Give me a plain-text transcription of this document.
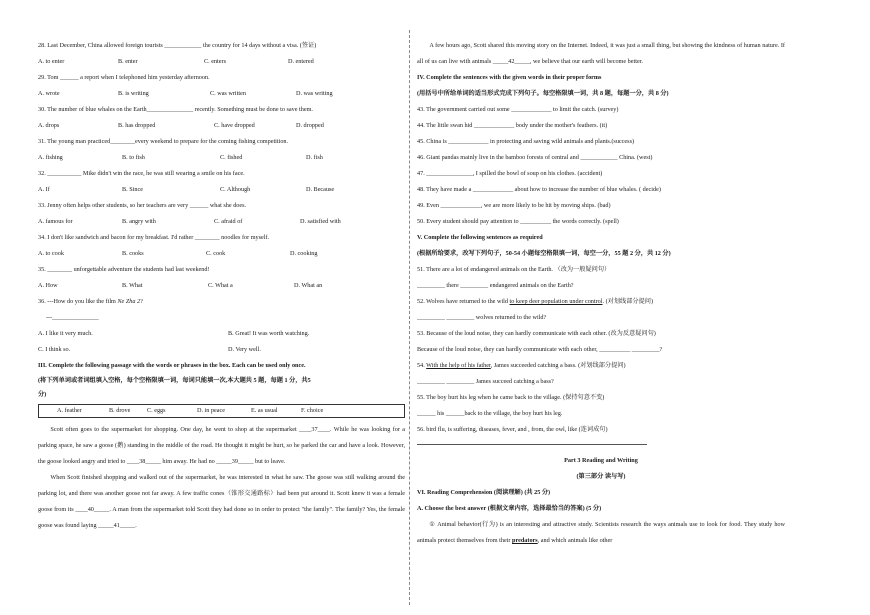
28. Last December, China allowed foreign tourists ____________ the country for 14 days without a visa. (签证)
A. to enter	B. enter	C. enters	D. entered
29. Tom ______ a report when I telephoned him yesterday afternoon.
A. wrote	B. is writing	C. was written	D. was writing
30. The number of blue whales on the Earth_______________ recently. Something must be done to save them.
A. drops	B. has dropped	C. have dropped	D. dropped
31. The young man practiced________every weekend to prepare for the coming fishing competition.
A. fishing	B. to fish	C. fished	D. fish
32. ___________ Mike didn't win the race, he was still wearing a smile on his face.
A. If	B. Since	C. Although	D. Because
33. Jenny often helps other students, so her teachers are very ______ what she does.
A. famous for	B. angry with	C. afraid of	D. satisfied with
34. I don't like sandwich and bacon for my breakfast. I'd rather ________ noodles for myself.
A. to cook	B. cooks	C. cook	D. cooking
35. ________ unforgettable adventure the students had last weekend!
A. How	B. What	C. What a	D. What an
36. ---How do you like the film Ne Zha 2?
---_______________
A. I like it very much.	B. Great! It was worth watching.
C. I think so.	D. Very well.
III. Complete the following passage with the words or phrases in the box. Each can be used only once.
(将下列单词或者词组填入空格，每个空格限填一词，每词只能填一次,本大题共 5 题，每题 1 分，共5
分)
A. feather	B. drove	C. eggs	D. in peace	E. as usual	F. choice
Scott often goes to the supermarket for shopping. One day, he went to shop at the supermarket ____37____. While he was looking for a parking space, he saw a goose (鹅) standing in the middle of the road. He thought it might be hurt, so he parked the car and have a look. However, the goose looked angry and tried to ____38_____ him away. He had no _____39_____ but to leave.
When Scott finished shopping and walked out of the supermarket, he was interested in what he saw. The goose was still walking around the parking lot, and there was another goose not far away. A few traffic cones（锥形交通路标）had been put around it. Scott knew it was a female goose from its ____40_____. A man from the supermarket told Scott they had done so in order to protect "the family". The family? Yes, the female goose was found laying _____41_____.
A few hours ago, Scott shared this moving story on the Internet. Indeed, it was just a small thing, but showing the kindness of human nature. If all of us can live with animals _____42_____, we believe that our earth will become better.
IV. Complete the sentences with the given words in their proper forms
(用括号中所给单词的适当形式完成下列句子。每空格限填一词，共 8 题，每题一分，共 8 分)
43. The government carried out some _____________ to limit the catch. (survey)
44. The little swan hid _____________ body under the mother's feathers. (it)
45. China is _____________ in protecting and saving wild animals and plants.(success)
46. Giant pandas mainly live in the bamboo forests of central and ____________ China. (west)
47. _______________, I spilled the bowl of soup on his clothes. (accident)
48. They have made a _____________ about how to increase the number of blue whales. ( decide)
49. Even _____________, we are more likely to be hit by moving ships. (bad)
50. Every student should pay attention to __________ the words correctly. (spell)
V. Complete the following sentences as required
(根据所给要求，改写下列句子，50-54 小题每空格限填一词，每空一分，55 题 2 分，共 12 分)
51. There are a lot of endangered animals on the Earth. （改为一般疑问句）
_________ there _________ endangered animals on the Earth?
52. Wolves have returned to the wild to keep deer population under control. (对划线部分提问)
_________ _________ wolves returned to the wild?
53. Because of the loud noise, they can hardly communicate with each other. (改为反意疑问句)
Because of the loud noise, they can hardly communicate with each other, __________ _________?
54. With the help of his father, James succeeded catching a bass. (对划线部分提问)
_________ _________ James succeed catching a bass?
55. The boy hurt his leg when he came back to the village. (保持句意不变)
______ his ______back to the village, the boy hurt his leg.
56. bird flu, is suffering, diseases, fever, and , from, the owl, like (连词成句)
Part 3 Reading and Writing
(第三部分 读与写)
VI. Reading Comprehension (阅读理解) (共 25 分)
A. Choose the best answer (根据文章内容，选择最恰当的答案) (5 分)
① Animal behavior(行为) is an interesting and attractive study. Scientists research the ways animals use to look for food. They study how animals protect themselves from their predators, and which animals like other
